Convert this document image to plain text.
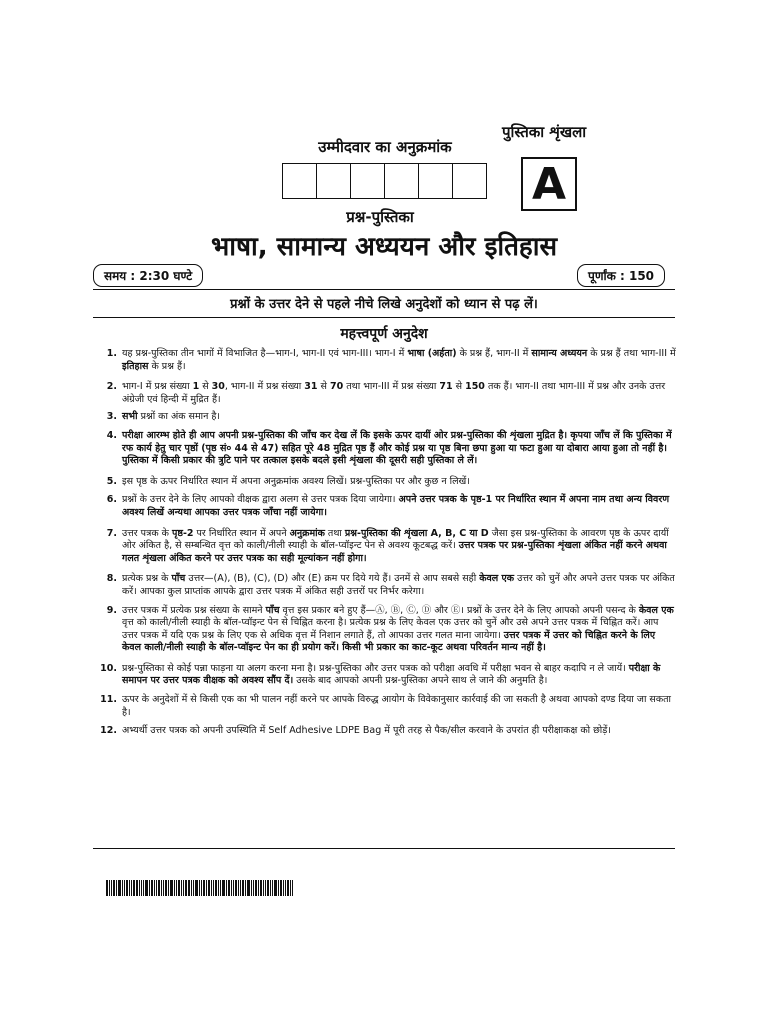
उम्मीदवार का अनुक्रमांक
पुस्तिका शृंखला
A
प्रश्न-पुस्तिका
भाषा, सामान्य अध्ययन और इतिहास
समय : 2:30 घण्टे	पूर्णांक : 150
प्रश्नों के उत्तर देने से पहले नीचे लिखे अनुदेशों को ध्यान से पढ़ लें।
महत्त्वपूर्ण अनुदेश
1. यह प्रश्न-पुस्तिका तीन भागों में विभाजित है—भाग-I, भाग-II एवं भाग-III। भाग-I में भाषा (अर्हता) के प्रश्न हैं, भाग-II में सामान्य अध्ययन के प्रश्न हैं तथा भाग-III में इतिहास के प्रश्न हैं।
2. भाग-I में प्रश्न संख्या 1 से 30, भाग-II में प्रश्न संख्या 31 से 70 तथा भाग-III में प्रश्न संख्या 71 से 150 तक हैं। भाग-II तथा भाग-III में प्रश्न और उनके उत्तर अंग्रेजी एवं हिन्दी में मुद्रित हैं।
3. सभी प्रश्नों का अंक समान है।
4. परीक्षा आरम्भ होते ही आप अपनी प्रश्न-पुस्तिका की जाँच कर देख लें कि इसके ऊपर दायीं ओर प्रश्न-पुस्तिका की शृंखला मुद्रित है। कृपया जाँच लें कि पुस्तिका में रफ कार्य हेतु चार पृष्ठों (पृष्ठ सं० 44 से 47) सहित पूरे 48 मुद्रित पृष्ठ हैं और कोई प्रश्न या पृष्ठ बिना छपा हुआ या फटा हुआ या दोबारा आया हुआ तो नहीं है। पुस्तिका में किसी प्रकार की त्रुटि पाने पर तत्काल इसके बदले इसी शृंखला की दूसरी सही पुस्तिका ले लें।
5. इस पृष्ठ के ऊपर निर्धारित स्थान में अपना अनुक्रमांक अवश्य लिखें। प्रश्न-पुस्तिका पर और कुछ न लिखें।
6. प्रश्नों के उत्तर देने के लिए आपको वीक्षक द्वारा अलग से उत्तर पत्रक दिया जायेगा। अपने उत्तर पत्रक के पृष्ठ-1 पर निर्धारित स्थान में अपना नाम तथा अन्य विवरण अवश्य लिखें अन्यथा आपका उत्तर पत्रक जाँचा नहीं जायेगा।
7. उत्तर पत्रक के पृष्ठ-2 पर निर्धारित स्थान में अपने अनुक्रमांक तथा प्रश्न-पुस्तिका की शृंखला A, B, C या D जैसा इस प्रश्न-पुस्तिका के आवरण पृष्ठ के ऊपर दायीं ओर अंकित है, से सम्बन्धित वृत्त को काली/नीली स्याही के बॉल-प्वॉइन्ट पेन से अवश्य कूटबद्ध करें। उत्तर पत्रक पर प्रश्न-पुस्तिका शृंखला अंकित नहीं करने अथवा गलत शृंखला अंकित करने पर उत्तर पत्रक का सही मूल्यांकन नहीं होगा।
8. प्रत्येक प्रश्न के पाँच उत्तर—(A), (B), (C), (D) और (E) क्रम पर दिये गये हैं। उनमें से आप सबसे सही केवल एक उत्तर को चुनें और अपने उत्तर पत्रक पर अंकित करें। आपका कुल प्राप्तांक आपके द्वारा उत्तर पत्रक में अंकित सही उत्तरों पर निर्भर करेगा।
9. उत्तर पत्रक में प्रत्येक प्रश्न संख्या के सामने पाँच वृत्त इस प्रकार बने हुए हैं—Ⓐ, Ⓑ, Ⓒ, Ⓓ और Ⓔ। प्रश्नों के उत्तर देने के लिए आपको अपनी पसन्द के केवल एक वृत्त को काली/नीली स्याही के बॉल-प्वॉइन्ट पेन से चिह्नित करना है। प्रत्येक प्रश्न के लिए केवल एक उत्तर को चुनें और उसे अपने उत्तर पत्रक में चिह्नित करें। आप उत्तर पत्रक में यदि एक प्रश्न के लिए एक से अधिक वृत्त में निशान लगाते हैं, तो आपका उत्तर गलत माना जायेगा। उत्तर पत्रक में उत्तर को चिह्नित करने के लिए केवल काली/नीली स्याही के बॉल-प्वॉइन्ट पेन का ही प्रयोग करें। किसी भी प्रकार का काट-कूट अथवा परिवर्तन मान्य नहीं है।
10. प्रश्न-पुस्तिका से कोई पन्ना फाड़ना या अलग करना मना है। प्रश्न-पुस्तिका और उत्तर पत्रक को परीक्षा अवधि में परीक्षा भवन से बाहर कदापि न ले जायें। परीक्षा के समापन पर उत्तर पत्रक वीक्षक को अवश्य सौंप दें। उसके बाद आपको अपनी प्रश्न-पुस्तिका अपने साथ ले जाने की अनुमति है।
11. ऊपर के अनुदेशों में से किसी एक का भी पालन नहीं करने पर आपके विरुद्ध आयोग के विवेकानुसार कार्रवाई की जा सकती है अथवा आपको दण्ड दिया जा सकता है।
12. अभ्यर्थी उत्तर पत्रक को अपनी उपस्थिति में Self Adhesive LDPE Bag में पूरी तरह से पैक/सील करवाने के उपरांत ही परीक्षाकक्ष को छोड़ें।
